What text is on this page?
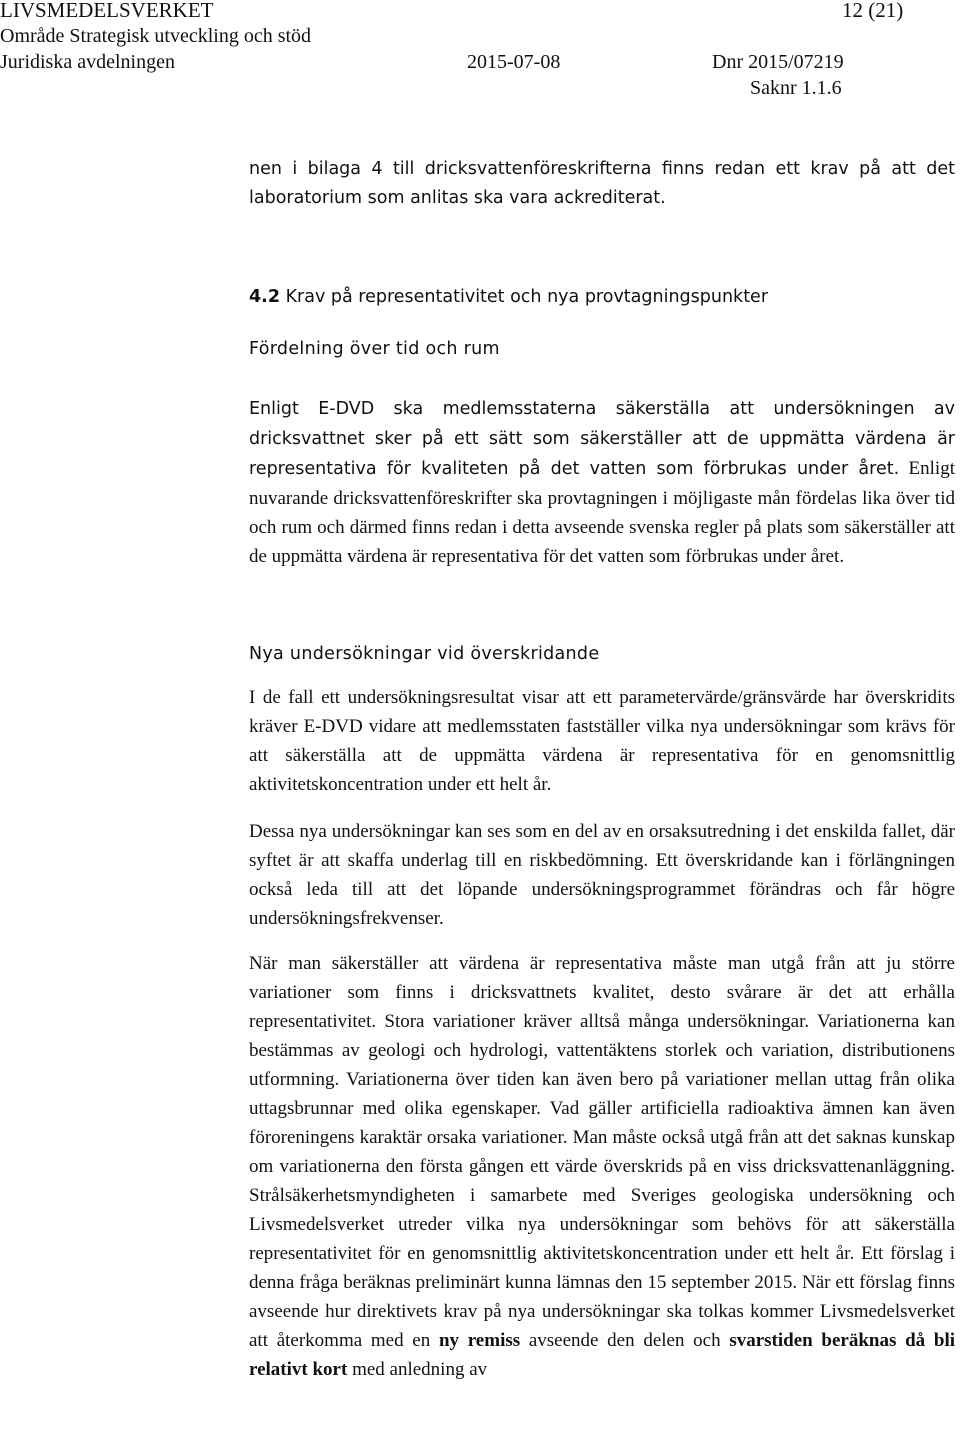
LIVSMEDELSVERKET	12 (21)
Område Strategisk utveckling och stöd
Juridiska avdelningen	2015-07-08	Dnr 2015/07219
Saknr 1.1.6

nen i bilaga 4 till dricksvattenföreskrifterna finns redan ett krav på att det laboratorium som anlitas ska vara ackrediterat.

4.2 Krav på representativitet och nya provtagningspunkter
Fördelning över tid och rum

Enligt E-DVD ska medlemsstaterna säkerställa att undersökningen av dricksvattnet sker på ett sätt som säkerställer att de uppmätta värdena är representativa för kvaliteten på det vatten som förbrukas under året. Enligt nuvarande dricksvattenföreskrifter ska provtagningen i möjligaste mån fördelas lika över tid och rum och därmed finns redan i detta avseende svenska regler på plats som säkerställer att de uppmätta värdena är representativa för det vatten som förbrukas under året.

Nya undersökningar vid överskridande

I de fall ett undersökningsresultat visar att ett parametervärde/gränsvärde har överskridits kräver E-DVD vidare att medlemsstaten fastställer vilka nya undersökningar som krävs för att säkerställa att de uppmätta värdena är representativa för en genomsnittlig aktivitetskoncentration under ett helt år.

Dessa nya undersökningar kan ses som en del av en orsaksutredning i det enskilda fallet, där syftet är att skaffa underlag till en riskbedömning. Ett överskridande kan i förlängningen också leda till att det löpande undersökningsprogrammet förändras och får högre undersökningsfrekvenser.

När man säkerställer att värdena är representativa måste man utgå från att ju större variationer som finns i dricksvattnets kvalitet, desto svårare är det att erhålla representativitet. Stora variationer kräver alltså många undersökningar. Variationerna kan bestämmas av geologi och hydrologi, vattentäktens storlek och variation, distributionens utformning. Variationerna över tiden kan även bero på variationer mellan uttag från olika uttagsbrunnar med olika egenskaper. Vad gäller artificiella radioaktiva ämnen kan även föroreningens karaktär orsaka variationer. Man måste också utgå från att det saknas kunskap om variationerna den första gången ett värde överskrids på en viss dricksvattenanläggning. Strålsäkerhetsmyndigheten i samarbete med Sveriges geologiska undersökning och Livsmedelsverket utreder vilka nya undersökningar som behövs för att säkerställa representativitet för en genomsnittlig aktivitetskoncentration under ett helt år. Ett förslag i denna fråga beräknas preliminärt kunna lämnas den 15 september 2015. När ett förslag finns avseende hur direktivets krav på nya undersökningar ska tolkas kommer Livsmedelsverket att återkomma med en ny remiss avseende den delen och svarstiden beräknas då bli relativt kort med anledning av
